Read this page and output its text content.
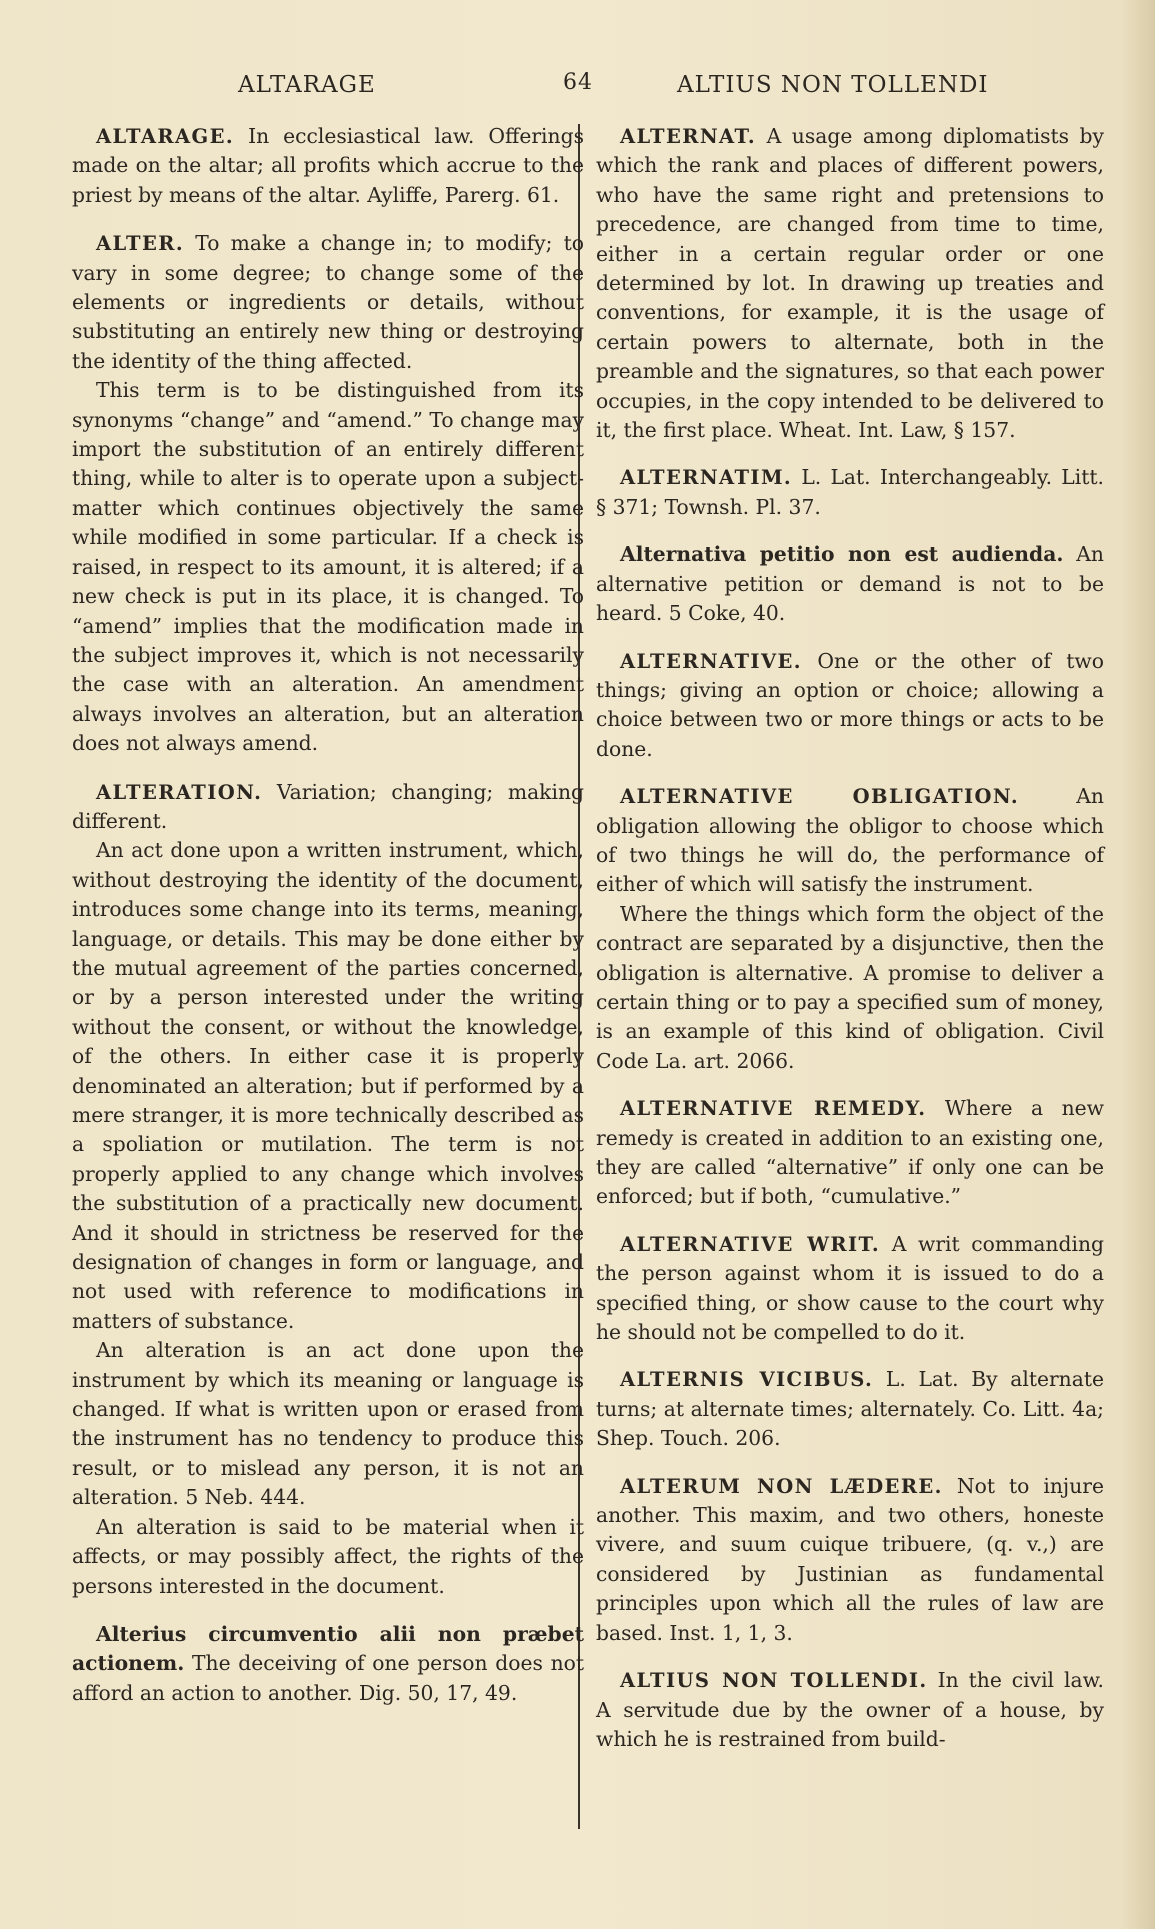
ALTARAGE	64	ALTIUS NON TOLLENDI

ALTARAGE. In ecclesiastical law. Offerings made on the altar; all profits which accrue to the priest by means of the altar. Ayliffe, Parerg. 61.

ALTER. To make a change in; to modify; to vary in some degree; to change some of the elements or ingredients or details, without substituting an entirely new thing or destroying the identity of the thing affected.

This term is to be distinguished from its synonyms “change” and “amend.” To change may import the substitution of an entirely different thing, while to alter is to operate upon a subject-matter which continues objectively the same while modified in some particular. If a check is raised, in respect to its amount, it is altered; if a new check is put in its place, it is changed. To “amend” implies that the modification made in the subject improves it, which is not necessarily the case with an alteration. An amendment always involves an alteration, but an alteration does not always amend.

ALTERATION. Variation; changing; making different.

An act done upon a written instrument, which, without destroying the identity of the document, introduces some change into its terms, meaning, language, or details. This may be done either by the mutual agreement of the parties concerned, or by a person interested under the writing without the consent, or without the knowledge, of the others. In either case it is properly denominated an alteration; but if performed by a mere stranger, it is more technically described as a spoliation or mutilation. The term is not properly applied to any change which involves the substitution of a practically new document. And it should in strictness be reserved for the designation of changes in form or language, and not used with reference to modifications in matters of substance.

An alteration is an act done upon the instrument by which its meaning or language is changed. If what is written upon or erased from the instrument has no tendency to produce this result, or to mislead any person, it is not an alteration. 5 Neb. 444.

An alteration is said to be material when it affects, or may possibly affect, the rights of the persons interested in the document.

Alterius circumventio alii non præbet actionem. The deceiving of one person does not afford an action to another. Dig. 50, 17, 49.

ALTERNAT. A usage among diplomatists by which the rank and places of different powers, who have the same right and pretensions to precedence, are changed from time to time, either in a certain regular order or one determined by lot. In drawing up treaties and conventions, for example, it is the usage of certain powers to alternate, both in the preamble and the signatures, so that each power occupies, in the copy intended to be delivered to it, the first place. Wheat. Int. Law, § 157.

ALTERNATIM. L. Lat. Interchangeably. Litt. § 371; Townsh. Pl. 37.

Alternativa petitio non est audienda. An alternative petition or demand is not to be heard. 5 Coke, 40.

ALTERNATIVE. One or the other of two things; giving an option or choice; allowing a choice between two or more things or acts to be done.

ALTERNATIVE OBLIGATION.	An obligation allowing the obligor to choose which of two things he will do, the performance of either of which will satisfy the instrument.

Where the things which form the object of the contract are separated by a disjunctive, then the obligation is alternative. A promise to deliver a certain thing or to pay a specified sum of money, is an example of this kind of obligation. Civil Code La. art. 2066.

ALTERNATIVE REMEDY. Where a new remedy is created in addition to an existing one, they are called “alternative” if only one can be enforced; but if both, “cumulative.”

ALTERNATIVE WRIT. A writ commanding the person against whom it is issued to do a specified thing, or show cause to the court why he should not be compelled to do it.

ALTERNIS VICIBUS. L. Lat. By alternate turns; at alternate times; alternately. Co. Litt. 4a; Shep. Touch. 206.

ALTERUM NON LÆDERE. Not to injure another. This maxim, and two others, honeste vivere, and suum cuique tribuere, (q. v.,) are considered by Justinian as fundamental principles upon which all the rules of law are based. Inst. 1, 1, 3.

ALTIUS NON TOLLENDI. In the civil law. A servitude due by the owner of a house, by which he is restrained from build-
